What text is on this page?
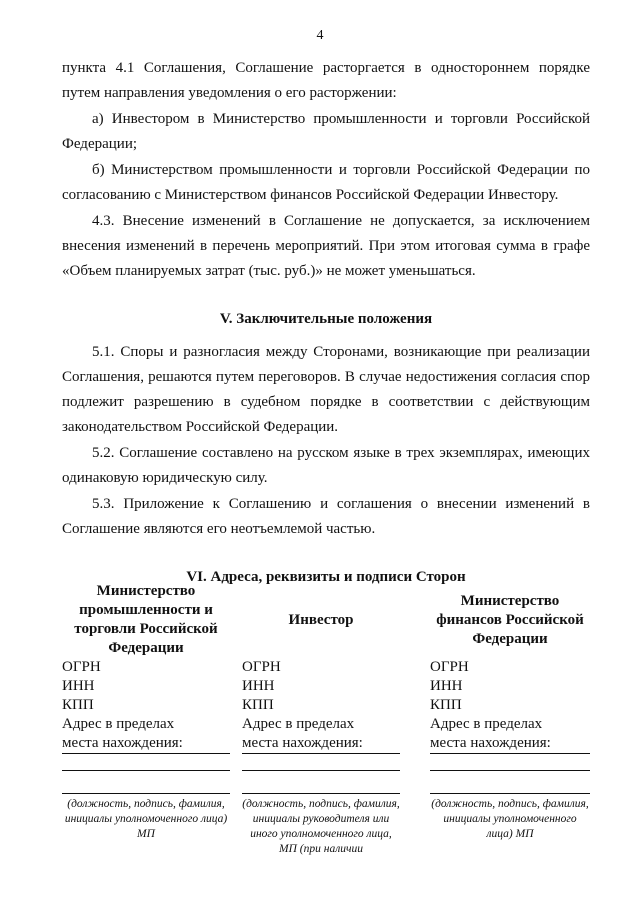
4

пункта 4.1 Соглашения, Соглашение расторгается в одностороннем порядке путем направления уведомления о его расторжении:

а) Инвестором в Министерство промышленности и торговли Российской Федерации;

б) Министерством промышленности и торговли Российской Федерации по согласованию с Министерством финансов Российской Федерации Инвестору.

4.3. Внесение изменений в Соглашение не допускается, за исключением внесения изменений в перечень мероприятий. При этом итоговая сумма в графе «Объем планируемых затрат (тыс. руб.)» не может уменьшаться.

V. Заключительные положения

5.1. Споры и разногласия между Сторонами, возникающие при реализации Соглашения, решаются путем переговоров. В случае недостижения согласия спор подлежит разрешению в судебном порядке в соответствии с действующим законодательством Российской Федерации.

5.2. Соглашение составлено на русском языке в трех экземплярах, имеющих одинаковую юридическую силу.

5.3. Приложение к Соглашению и соглашения о внесении изменений в Соглашение являются его неотъемлемой частью.

VI. Адреса, реквизиты и подписи Сторон

Министерство промышленности и торговли Российской Федерации
ОГРН
ИНН
КПП
Адрес в пределах
места нахождения:
(должность, подпись, фамилия, инициалы уполномоченного лица) МП
Инвестор
ОГРН
ИНН
КПП
Адрес в пределах
места нахождения:
(должность, подпись, фамилия, инициалы руководителя или иного уполномоченного лица, МП (при наличии
Министерство финансов Российской Федерации
ОГРН
ИНН
КПП
Адрес в пределах
места нахождения:
(должность, подпись, фамилия, инициалы уполномоченного лица) МП
